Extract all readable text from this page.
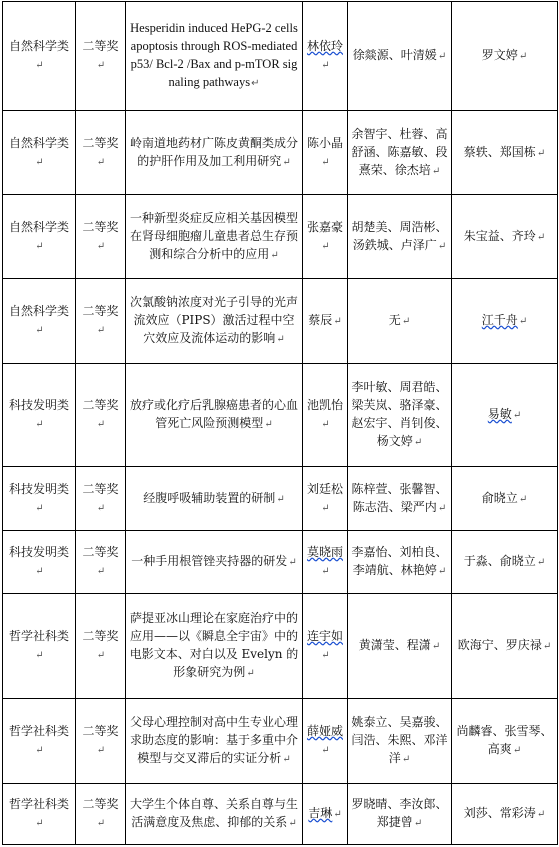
自然科学类↵	二等奖↵	Hesperidin induced HePG-2 cells apoptosis through ROS-mediated p53/ Bcl-2 /Bax and p-mTOR signaling pathways↵	林依玲↵	徐燚源、叶清媛↵	罗文婷↵
自然科学类↵	二等奖↵	岭南道地药材广陈皮黄酮类成分的护肝作用及加工利用研究↵	陈小晶↵	余智宇、杜蓉、高舒涵、陈嘉敏、段熹荣、徐杰培↵	蔡轶、郑国栋↵
自然科学类↵	二等奖↵	一种新型炎症反应相关基因模型在肾母细胞瘤儿童患者总生存预测和综合分析中的应用↵	张嘉豪↵	胡楚美、周浩彬、汤鉄城、卢泽广↵	朱宝益、齐玲↵
自然科学类↵	二等奖↵	次氯酸钠浓度对光子引导的光声流效应（PIPS）激活过程中空穴效应及流体运动的影响↵	蔡辰↵	无↵	江千舟↵
科技发明类↵	二等奖↵	放疗或化疗后乳腺癌患者的心血管死亡风险预测模型↵	池凯怡↵	李叶敏、周君皓、梁芙岚、骆泽豪、赵宏宇、肖钊俊、杨文婷↵	易敏↵
科技发明类↵	二等奖↵	经腹呼吸辅助装置的研制↵	刘廷松↵	陈梓萱、张馨智、陈志浩、梁严内↵	俞晓立↵
科技发明类↵	二等奖↵	一种手用根管锉夹持器的研发↵	莫晓雨↵	李嘉怡、刘柏良、李靖航、林艳婷↵	于淼、俞晓立↵
哲学社科类↵	二等奖↵	萨提亚冰山理论在家庭治疗中的应用——以《瞬息全宇宙》中的电影文本、对白以及 Evelyn 的形象研究为例↵	连宇如↵	黄潇莹、程潇↵	欧海宁、罗庆禄↵
哲学社科类↵	二等奖↵	父母心理控制对高中生专业心理求助态度的影响：基于多重中介模型与交叉滞后的实证分析↵	薛娅威↵	姚泰立、吴嘉骏、闫浩、朱熙、邓洋洋↵	尚麟睿、张雪琴、高爽↵
哲学社科类↵	二等奖↵	大学生个体自尊、关系自尊与生活满意度及焦虑、抑郁的关系↵	吉琳↵	罗晓晴、李汝郎、郑捷曾↵	刘莎、常彩涛↵
